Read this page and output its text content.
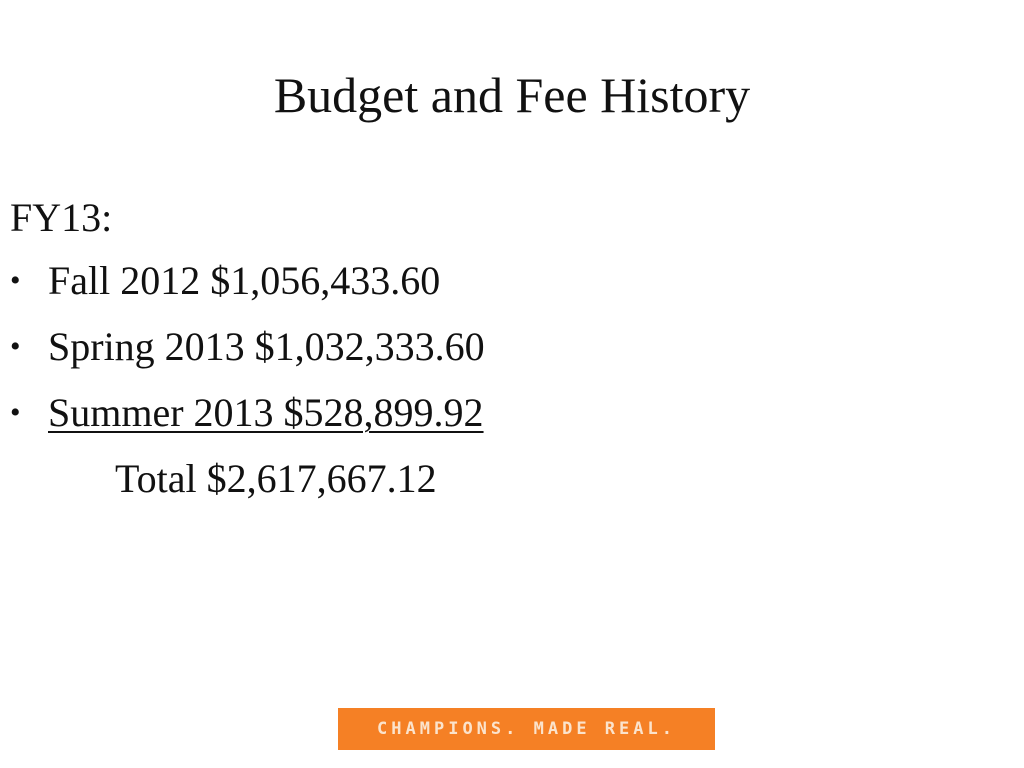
Budget and Fee History
FY13:
• Fall 2012 $1,056,433.60
• Spring 2013 $1,032,333.60
• Summer 2013 $528,899.92
Total $2,617,667.12
CHAMPIONS. MADE REAL.
